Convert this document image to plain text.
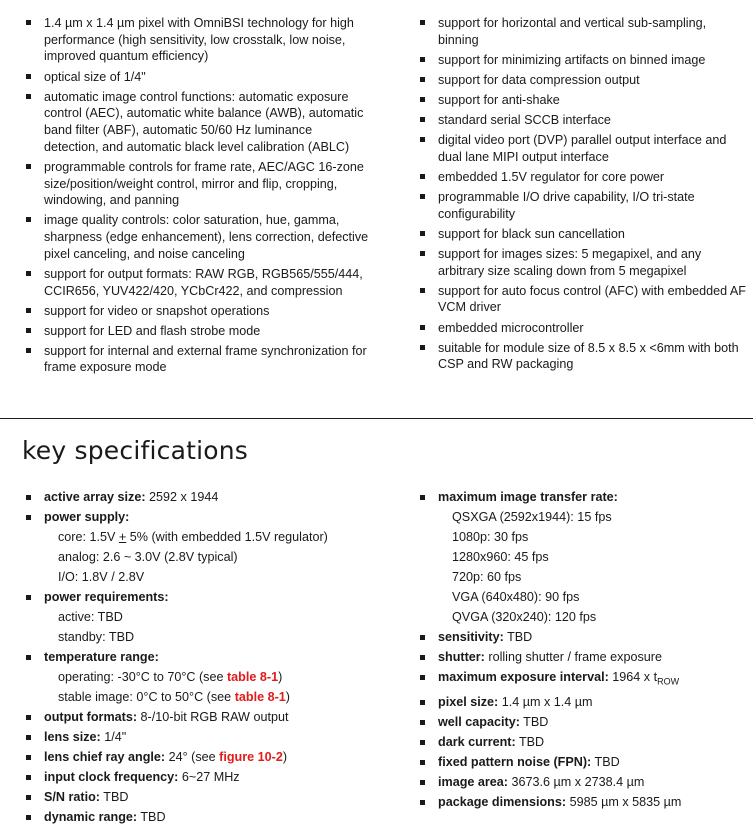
1.4 µm x 1.4 µm pixel with OmniBSI technology for high performance (high sensitivity, low crosstalk, low noise, improved quantum efficiency)
optical size of 1/4"
automatic image control functions: automatic exposure control (AEC), automatic white balance (AWB), automatic band filter (ABF), automatic 50/60 Hz luminance detection, and automatic black level calibration (ABLC)
programmable controls for frame rate, AEC/AGC 16-zone size/position/weight control, mirror and flip, cropping, windowing, and panning
image quality controls: color saturation, hue, gamma, sharpness (edge enhancement), lens correction, defective pixel canceling, and noise canceling
support for output formats: RAW RGB, RGB565/555/444, CCIR656, YUV422/420, YCbCr422, and compression
support for video or snapshot operations
support for LED and flash strobe mode
support for internal and external frame synchronization for frame exposure mode
support for horizontal and vertical sub-sampling, binning
support for minimizing artifacts on binned image
support for data compression output
support for anti-shake
standard serial SCCB interface
digital video port (DVP) parallel output interface and dual lane MIPI output interface
embedded 1.5V regulator for core power
programmable I/O drive capability, I/O tri-state configurability
support for black sun cancellation
support for images sizes: 5 megapixel, and any arbitrary size scaling down from 5 megapixel
support for auto focus control (AFC) with embedded AF VCM driver
embedded microcontroller
suitable for module size of 8.5 x 8.5 x <6mm with both CSP and RW packaging
key specifications
active array size: 2592 x 1944
power supply:
core: 1.5V + 5% (with embedded 1.5V regulator)
analog: 2.6 ~ 3.0V (2.8V typical)
I/O: 1.8V / 2.8V
power requirements:
active: TBD
standby: TBD
temperature range:
operating: -30°C to 70°C (see table 8-1)
stable image: 0°C to 50°C (see table 8-1)
output formats: 8-/10-bit RGB RAW output
lens size: 1/4"
lens chief ray angle: 24° (see figure 10-2)
input clock frequency: 6~27 MHz
S/N ratio: TBD
dynamic range: TBD
maximum image transfer rate:
QSXGA (2592x1944): 15 fps
1080p: 30 fps
1280x960: 45 fps
720p: 60 fps
VGA (640x480): 90 fps
QVGA (320x240): 120 fps
sensitivity: TBD
shutter: rolling shutter / frame exposure
maximum exposure interval: 1964 x $t_{ROW}$
pixel size: 1.4 µm x 1.4 µm
well capacity: TBD
dark current: TBD
fixed pattern noise (FPN): TBD
image area: 3673.6 µm x 2738.4 µm
package dimensions: 5985 µm x 5835 µm
